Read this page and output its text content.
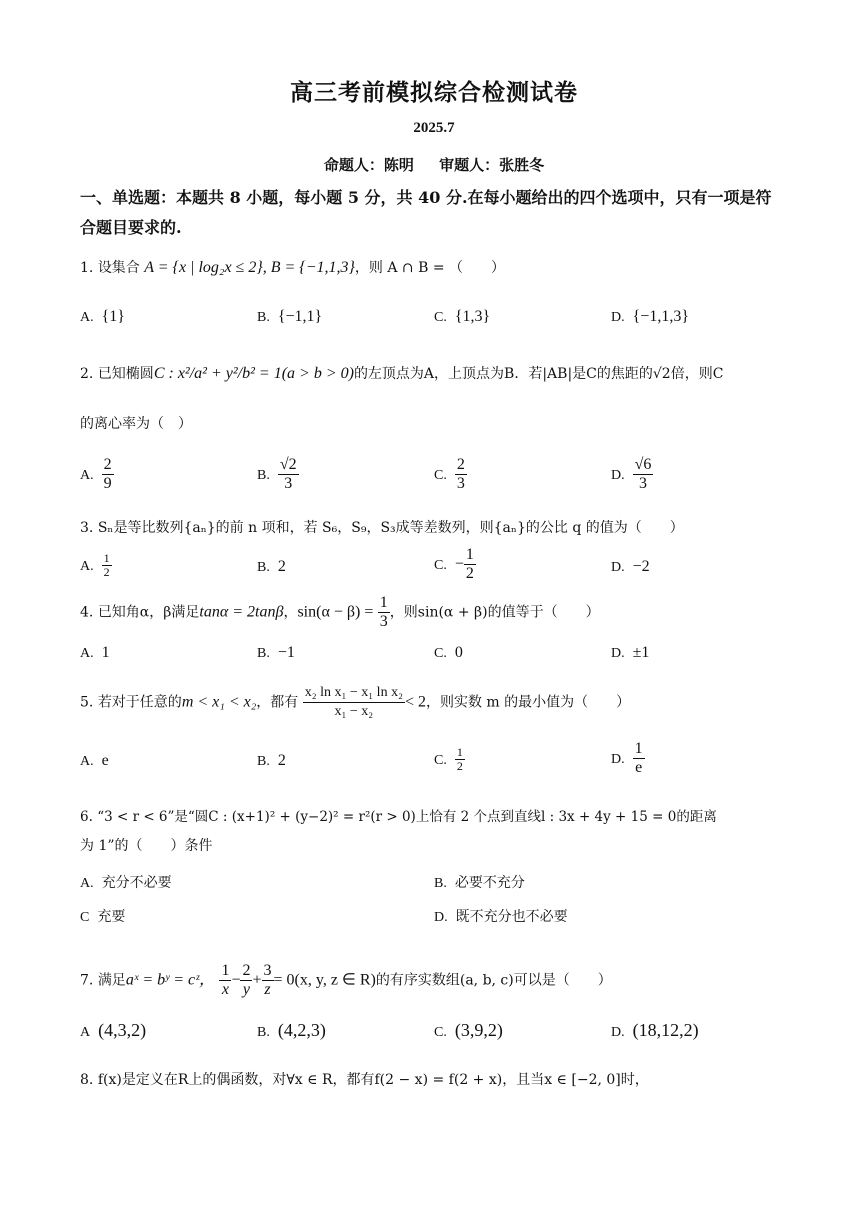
高三考前模拟综合检测试卷
2025.7
命题人：陈明 审题人：张胜冬
一、单选题：本题共 8 小题，每小题 5 分，共 40 分.在每小题给出的四个选项中，只有一项是符合题目要求的.
1. 设集合 A = {x | log₂x ≤ 2}, B = {−1,1,3}，则 A ∩ B = （　　）
A. {1}	B. {−1,1}	C. {1,3}	D. {−1,1,3}
2. 已知椭圆C : x²/a² + y²/b² = 1(a > b > 0)的左顶点为A，上顶点为B．若|AB|是C的焦距的√2倍，则C
的离心率为（　）
A. $\frac{2}{9}$	B. $\frac{√2}{3}$	C. $\frac{2}{3}$	D. $\frac{√6}{3}$
3. Sₙ是等比数列{aₙ}的前 n 项和，若 S₆，S₉，S₃成等差数列，则{aₙ}的公比 q 的值为（　　）
A. $\frac{1}{2}$	B. 2	C. − $\frac{1}{2}$	D. −2
4. 已知角α，β满足tanα = 2tanβ，$\sin(\alpha - \beta) = \frac{1}{3}$ ，则sin(α + β)的值等于（　　）
A. 1	B. −1	C. 0	D. ±1
5. 若对于任意的m < x₁ < x₂，都有 $\frac{\text{x₂ ln x₁ − x₁ ln x₂}}{\text{x₁ − x₂}} < 2$，则实数 m 的最小值为（　　）
A. e	B. 2	C. $\frac{1}{2}$	D. $\frac{1}{e}$
6. “3 < r < 6”是“圆C : (x+1)² + (y−2)² = r²(r > 0)上恰有 2 个点到直线l : 3x + 4y + 15 = 0的距离
为 1”的（　　）条件
A. 充分不必要	B. 必要不充分
C 充要	D. 既不充分也不必要
7. 满足aˣ = bʸ = cᶻ， $\frac{1}{x} - \frac{2}{y} + \frac{3}{z} = 0(x$, y, z ∈ R)的有序实数组(a, b, c)可以是（　　）
A (4,3,2)	B. (4,2,3)	C. (3,9,2)	D. (18,12,2)
8. f(x)是定义在R上的偶函数，对∀x ∈ R，都有f(2 − x) = f(2 + x)，且当x ∈ [−2, 0]时，
